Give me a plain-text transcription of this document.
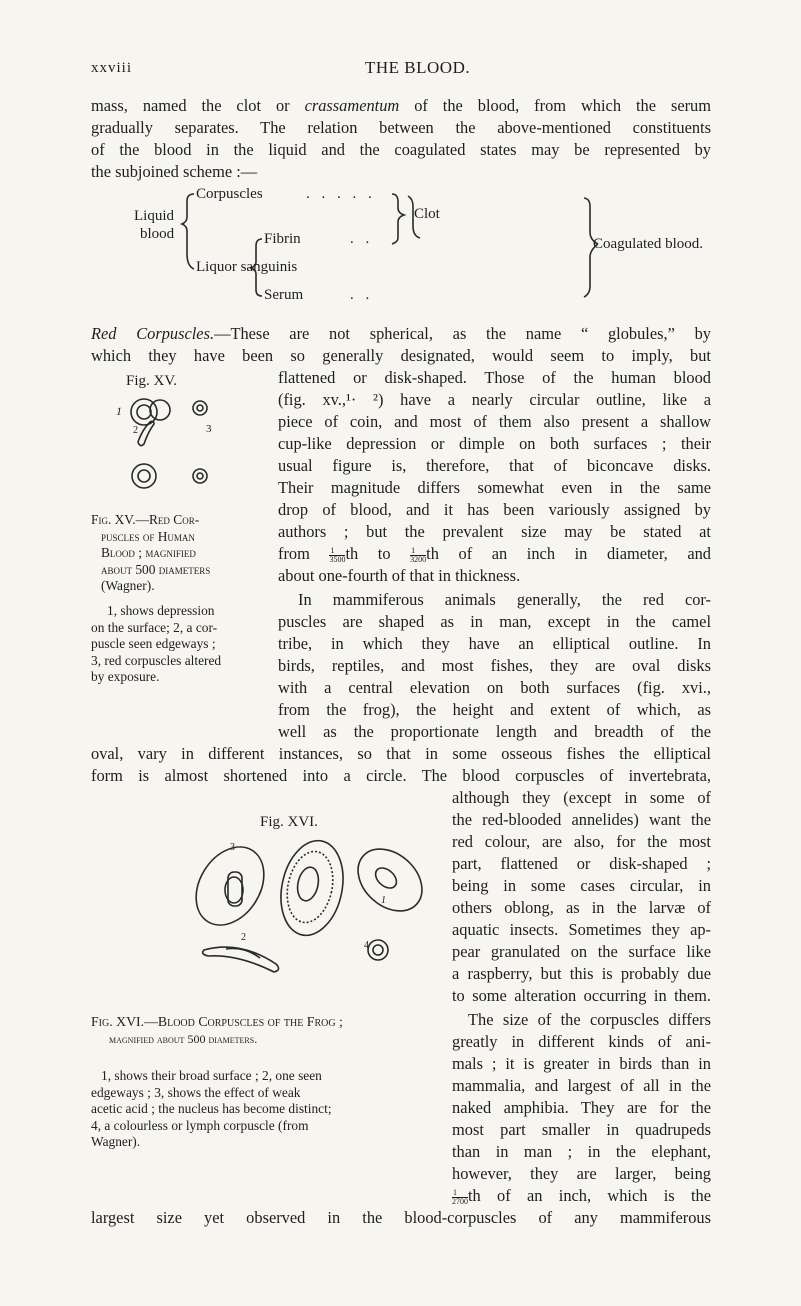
xxviii	THE BLOOD.
mass, named the clot or crassamentum of the blood, from which the serum
gradually separates. The relation between the above-mentioned constituents
of the blood in the liquid and the coagulated states may be represented by
the subjoined scheme :—
Liquid
blood
Corpuscles	. . . . .
Liquor sanguinis
Fibrin	. .
Serum	. .
Clot
Coagulated blood.
Red Corpuscles.—These are not spherical, as the name “ globules,” by
which they have been so generally designated, would seem to imply, but
Fig. XV.
1
2	3
Fig. XV.—Red Cor-
puscles of Human
Blood ; magnified
about 500 diameters
(Wagner).
1, shows depression
on the surface; 2, a cor-
puscle seen edgeways ;
3, red corpuscles altered
by exposure.
flattened or disk-shaped. Those of the human blood
(fig. xv.,¹· ²) have a nearly circular outline, like a
piece of coin, and most of them also present a shallow
cup-like depression or dimple on both surfaces ; their
usual figure is, therefore, that of biconcave disks.
Their magnitude differs somewhat even in the same
drop of blood, and it has been variously assigned by
authors ; but the prevalent size may be stated at
from $\frac{1}{3500}$ th to $\frac{1}{3200}$ th of an inch in diameter, and
about one-fourth of that in thickness.
In mammiferous animals generally, the red cor-
puscles are shaped as in man, except in the camel
tribe, in which they have an elliptical outline. In
birds, reptiles, and most fishes, they are oval disks
with a central elevation on both surfaces (fig. xvi.,
from the frog), the height and extent of which, as
well as the proportionate length and breadth of the
oval, vary in different instances, so that in some osseous fishes the elliptical
form is almost shortened into a circle. The blood corpuscles of invertebrata,
Fig. XVI.
3
1
2
4
Fig. XVI.—Blood Corpuscles of the Frog ;
magnified about 500 diameters.
1, shows their broad surface ; 2, one seen
edgeways ; 3, shows the effect of weak
acetic acid ; the nucleus has become distinct;
4, a colourless or lymph corpuscle (from
Wagner).
although they (except in some of
the red-blooded annelides) want the
red colour, are also, for the most
part, flattened or disk-shaped ;
being in some cases circular, in
others oblong, as in the larvæ of
aquatic insects. Sometimes they ap-
pear granulated on the surface like
a raspberry, but this is probably due
to some alteration occurring in them.
The size of the corpuscles differs
greatly in different kinds of ani-
mals ; it is greater in birds than in
mammalia, and largest of all in the
naked amphibia. They are for the
most part smaller in quadrupeds
than in man ; in the elephant,
however, they are larger, being
$\frac{1}{2700}$ th of an inch, which is the
largest size yet observed in the blood-corpuscles of any mammiferous
